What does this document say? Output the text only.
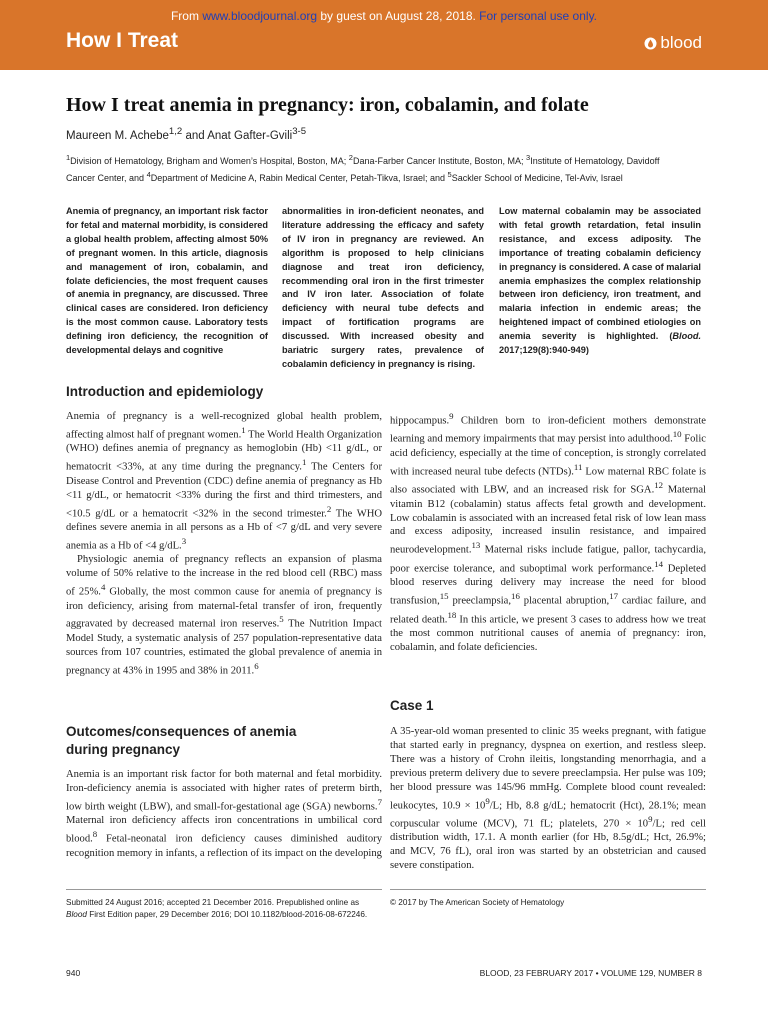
From www.bloodjournal.org by guest on August 28, 2018. For personal use only.
How I Treat	blood
How I treat anemia in pregnancy: iron, cobalamin, and folate
Maureen M. Achebe$^{1,2}$ and Anat Gafter-Gvili$^{3-5}$
$^1$Division of Hematology, Brigham and Women’s Hospital, Boston, MA; $^2$Dana-Farber Cancer Institute, Boston, MA; $^3$Institute of Hematology, Davidoff Cancer Center, and $^4$Department of Medicine A, Rabin Medical Center, Petah-Tikva, Israel; and $^5$Sackler School of Medicine, Tel-Aviv, Israel
Anemia of pregnancy, an important risk factor for fetal and maternal morbidity, is considered a global health problem, affecting almost 50% of pregnant women. In this article, diagnosis and management of iron, cobalamin, and folate deficiencies, the most frequent causes of anemia in pregnancy, are discussed. Three clinical cases are considered. Iron deficiency is the most common cause. Laboratory tests defining iron deficiency, the recognition of developmental delays and cognitive
abnormalities in iron-deficient neonates, and literature addressing the efficacy and safety of IV iron in pregnancy are reviewed. An algorithm is proposed to help clinicians diagnose and treat iron deficiency, recommending oral iron in the first trimester and IV iron later. Association of folate deficiency with neural tube defects and impact of fortification programs are discussed. With increased obesity and bariatric surgery rates, prevalence of cobalamin deficiency in pregnancy is rising.
Low maternal cobalamin may be associated with fetal growth retardation, fetal insulin resistance, and excess adiposity. The importance of treating cobalamin deficiency in pregnancy is considered. A case of malarial anemia emphasizes the complex relationship between iron deficiency, iron treatment, and malaria infection in endemic areas; the heightened impact of combined etiologies on anemia severity is highlighted. (Blood. 2017;129(8):940-949)
Introduction and epidemiology

Anemia of pregnancy is a well-recognized global health problem, affecting almost half of pregnant women.$^1$ The World Health Organization (WHO) defines anemia of pregnancy as hemoglobin (Hb) <11 g/dL, or hematocrit <33%, at any time during the pregnancy.$^1$ The Centers for Disease Control and Prevention (CDC) define anemia of pregnancy as Hb <11 g/dL, or hematocrit <33% during the first and third trimesters, and <10.5 g/dL or a hematocrit <32% in the second trimester.$^2$ The WHO defines severe anemia in all persons as a Hb of <7 g/dL and very severe anemia as a Hb of <4 g/dL.$^3$

Physiologic anemia of pregnancy reflects an expansion of plasma volume of 50% relative to the increase in the red blood cell (RBC) mass of 25%.$^4$ Globally, the most common cause for anemia of pregnancy is iron deficiency, arising from maternal-fetal transfer of iron, frequently aggravated by decreased maternal iron reserves.$^5$ The Nutrition Impact Model Study, a systematic analysis of 257 population-representative data sources from 107 countries, estimated the global prevalence of anemia in pregnancy at 43% in 1995 and 38% in 2011.$^6$

Outcomes/consequences of anemia during pregnancy

Anemia is an important risk factor for both maternal and fetal morbidity. Iron-deficiency anemia is associated with higher rates of preterm birth, low birth weight (LBW), and small-for-gestational age (SGA) newborns.$^7$ Maternal iron deficiency affects iron concentrations in umbilical cord blood.$^8$ Fetal-neonatal iron deficiency causes diminished auditory recognition memory in infants, a reflection of its impact on the developing

hippocampus.$^9$ Children born to iron-deficient mothers demonstrate learning and memory impairments that may persist into adulthood.$^{10}$ Folic acid deficiency, especially at the time of conception, is strongly correlated with increased neural tube defects (NTDs).$^{11}$ Low maternal RBC folate is also associated with LBW, and an increased risk for SGA.$^{12}$ Maternal vitamin B12 (cobalamin) status affects fetal growth and development. Low cobalamin is associated with an increased fetal risk of low lean mass and excess adiposity, increased insulin resistance, and impaired neurodevelopment.$^{13}$ Maternal risks include fatigue, pallor, tachycardia, poor exercise tolerance, and suboptimal work performance.$^{14}$ Depleted blood reserves during delivery may increase the need for blood transfusion,$^{15}$ preeclampsia,$^{16}$ placental abruption,$^{17}$ cardiac failure, and related death.$^{18}$ In this article, we present 3 cases to address how we treat the most common nutritional causes of anemia of pregnancy: iron, cobalamin, and folate deficiencies.

Case 1

A 35-year-old woman presented to clinic 35 weeks pregnant, with fatigue that started early in pregnancy, dyspnea on exertion, and restless sleep. There was a history of Crohn ileitis, longstanding menorrhagia, and a previous preterm delivery due to severe preeclampsia. Her pulse was 109; her blood pressure was 145/96 mmHg. Complete blood count revealed: leukocytes, $10.9 \times 10^9/L$; Hb, 8.8 g/dL; hematocrit (Hct), 28.1%; mean corpuscular volume (MCV), 71 fL; platelets, $270 \times 10^9/L$; red cell distribution width, 17.1. A month earlier (for Hb, 8.5g/dL; Hct, 26.9%; and MCV, 76 fL), oral iron was started by an obstetrician and caused severe constipation.

Submitted 24 August 2016; accepted 21 December 2016. Prepublished online as Blood First Edition paper, 29 December 2016; DOI 10.1182/blood-2016-08-672246.
© 2017 by The American Society of Hematology
940	BLOOD, 23 FEBRUARY 2017 • VOLUME 129, NUMBER 8
